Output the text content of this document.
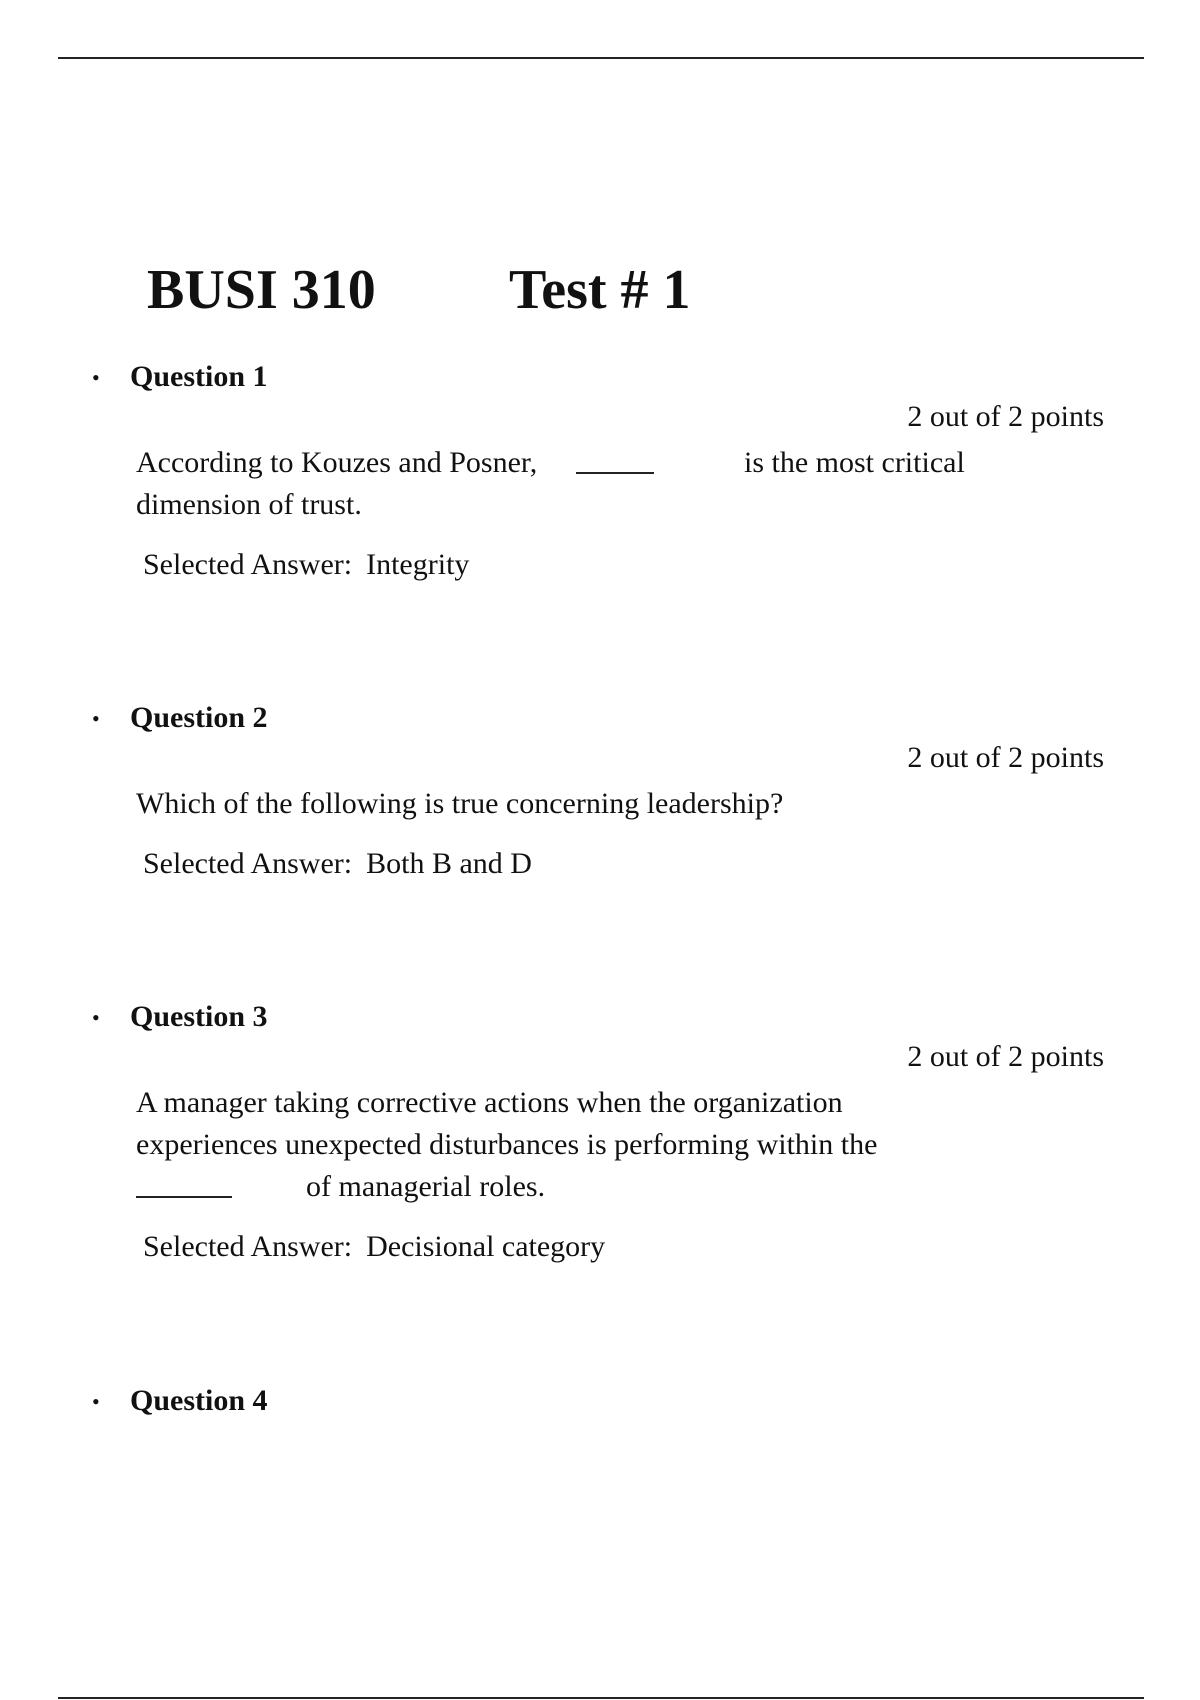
BUSI 310 Test # 1
• Question 1
2 out of 2 points
According to Kouzes and Posner,	is the most critical
dimension of trust.
Selected Answer: Integrity
• Question 2
2 out of 2 points
Which of the following is true concerning leadership?
Selected Answer: Both B and D
• Question 3
2 out of 2 points
A manager taking corrective actions when the organization
experiences unexpected disturbances is performing within the
of managerial roles.
Selected Answer: Decisional category
• Question 4
